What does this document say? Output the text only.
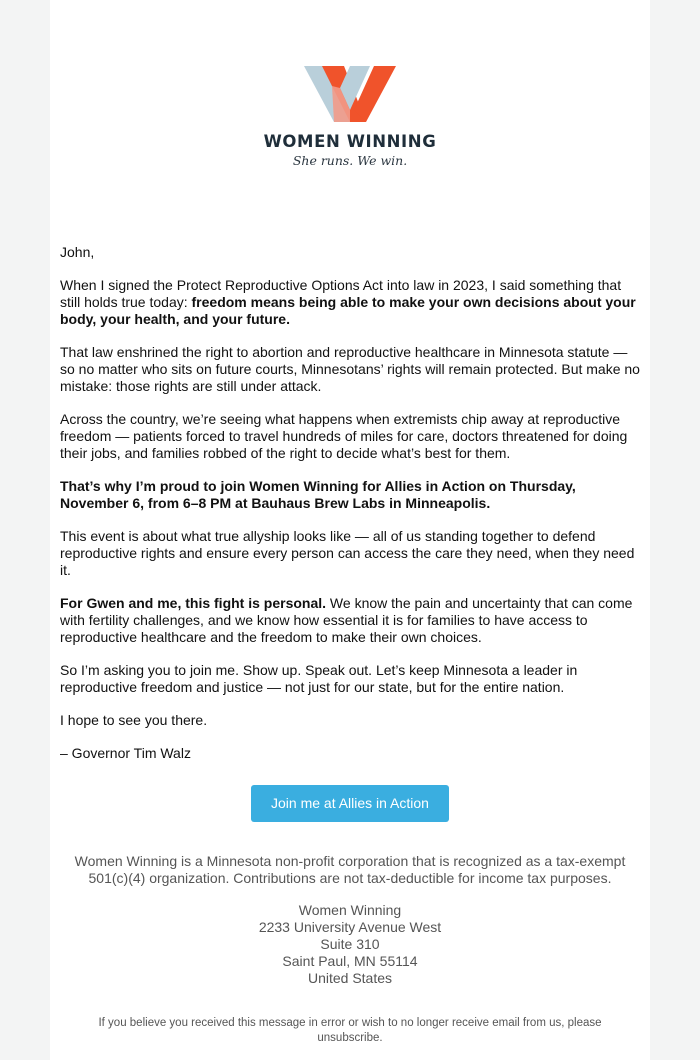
WOMEN WINNING
She runs. We win.

John,

When I signed the Protect Reproductive Options Act into law in 2023, I said something that still holds true today: freedom means being able to make your own decisions about your body, your health, and your future.

That law enshrined the right to abortion and reproductive healthcare in Minnesota statute — so no matter who sits on future courts, Minnesotans’ rights will remain protected. But make no mistake: those rights are still under attack.

Across the country, we’re seeing what happens when extremists chip away at reproductive freedom — patients forced to travel hundreds of miles for care, doctors threatened for doing their jobs, and families robbed of the right to decide what’s best for them.

That’s why I’m proud to join Women Winning for Allies in Action on Thursday, November 6, from 6–8 PM at Bauhaus Brew Labs in Minneapolis.

This event is about what true allyship looks like — all of us standing together to defend reproductive rights and ensure every person can access the care they need, when they need it.

For Gwen and me, this fight is personal. We know the pain and uncertainty that can come with fertility challenges, and we know how essential it is for families to have access to reproductive healthcare and the freedom to make their own choices.

So I’m asking you to join me. Show up. Speak out. Let’s keep Minnesota a leader in reproductive freedom and justice — not just for our state, but for the entire nation.

I hope to see you there.

– Governor Tim Walz

Join me at Allies in Action
Women Winning is a Minnesota non-profit corporation that is recognized as a tax-exempt 501(c)(4) organization. Contributions are not tax-deductible for income tax purposes.
Women Winning
2233 University Avenue West
Suite 310
Saint Paul, MN 55114
United States
If you believe you received this message in error or wish to no longer receive email from us, please unsubscribe.
